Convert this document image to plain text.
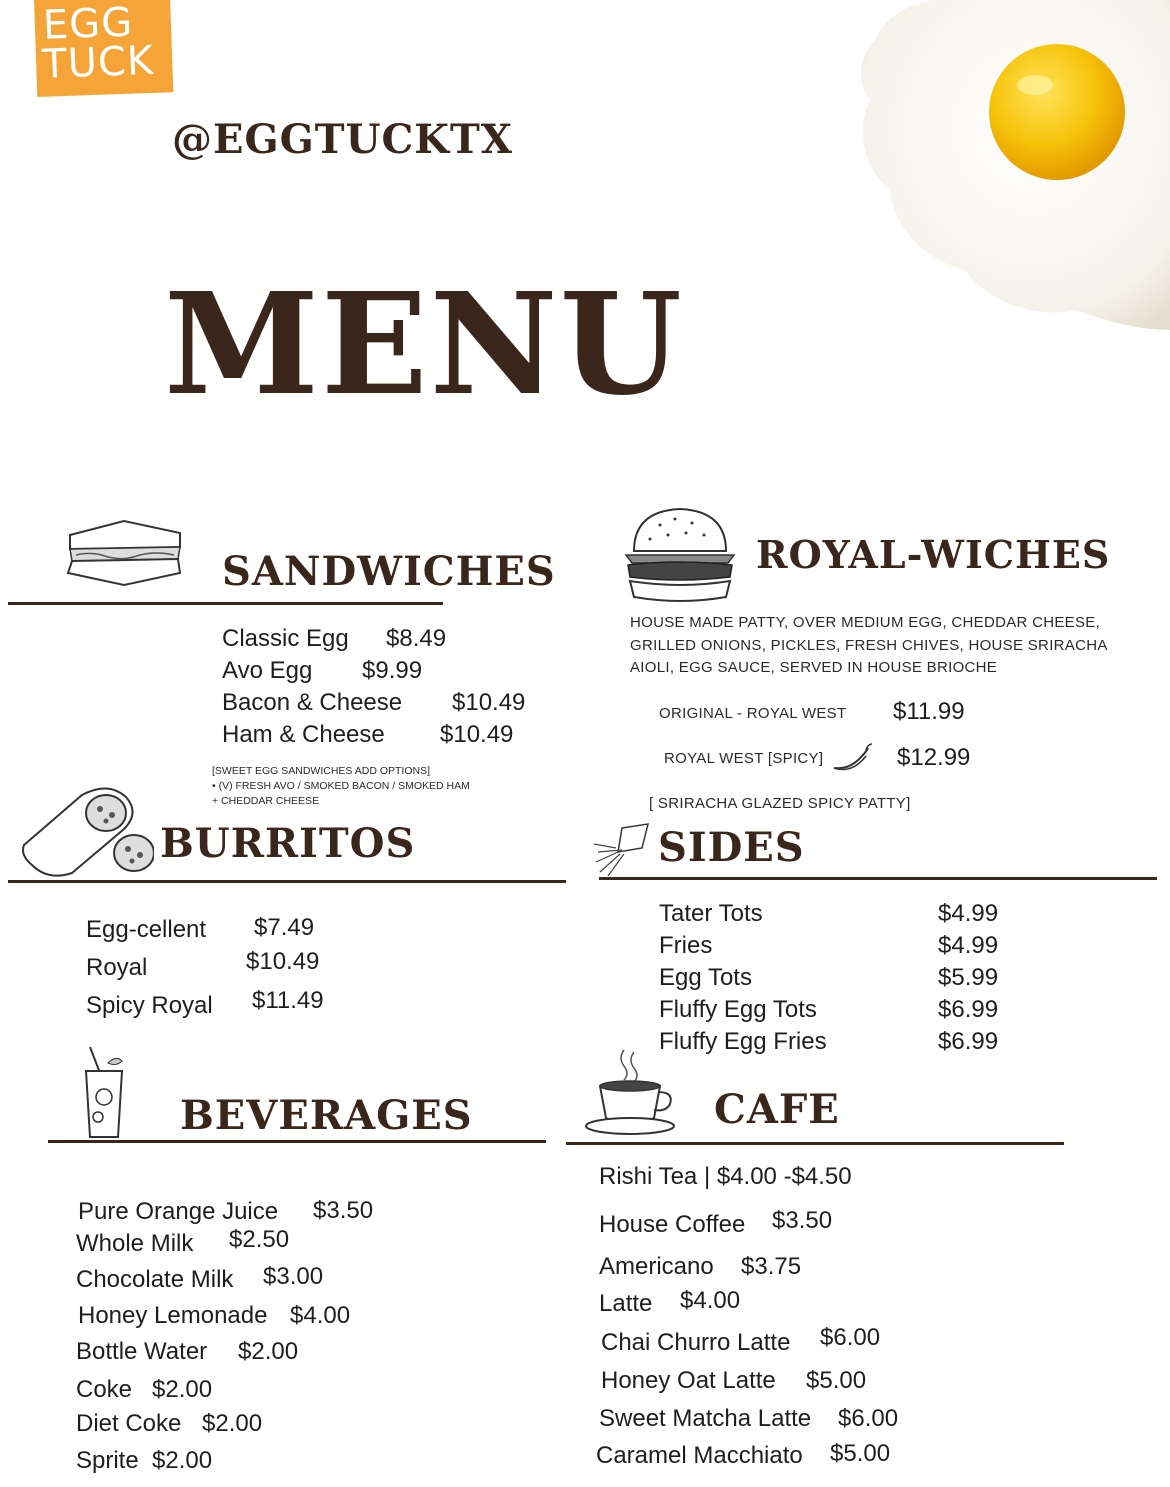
EGG
TUCK
@EGGTUCKTX
MENU
SANDWICHES
Classic Egg $8.49
Avo Egg $9.99
Bacon & Cheese $10.49
Ham & Cheese $10.49
[SWEET EGG SANDWICHES ADD OPTIONS]
• (V) FRESH AVO / SMOKED BACON / SMOKED HAM
+ CHEDDAR CHEESE
ROYAL-WICHES
HOUSE MADE PATTY, OVER MEDIUM EGG, CHEDDAR CHEESE,
GRILLED ONIONS, PICKLES, FRESH CHIVES, HOUSE SRIRACHA
AIOLI, EGG SAUCE, SERVED IN HOUSE BRIOCHE
ORIGINAL - ROYAL WEST $11.99
ROYAL WEST [SPICY]	$12.99
[ SRIRACHA GLAZED SPICY PATTY]
BURRITOS
Egg-cellent $7.49
Royal	$10.49
Spicy Royal $11.49
SIDES
Tater Tots	$4.99
Fries	$4.99
Egg Tots	$5.99
Fluffy Egg Tots	$6.99
Fluffy Egg Fries	$6.99
BEVERAGES
Pure Orange Juice $3.50
Whole Milk $2.50
Chocolate Milk $3.00
Honey Lemonade $4.00
Bottle Water $2.00
Coke $2.00
Diet Coke $2.00
Sprite $2.00
CAFE
Rishi Tea | $4.00 -$4.50
House Coffee $3.50
Americano $3.75
Latte $4.00
Chai Churro Latte $6.00
Honey Oat Latte $5.00
Sweet Matcha Latte $6.00
Caramel Macchiato $5.00
